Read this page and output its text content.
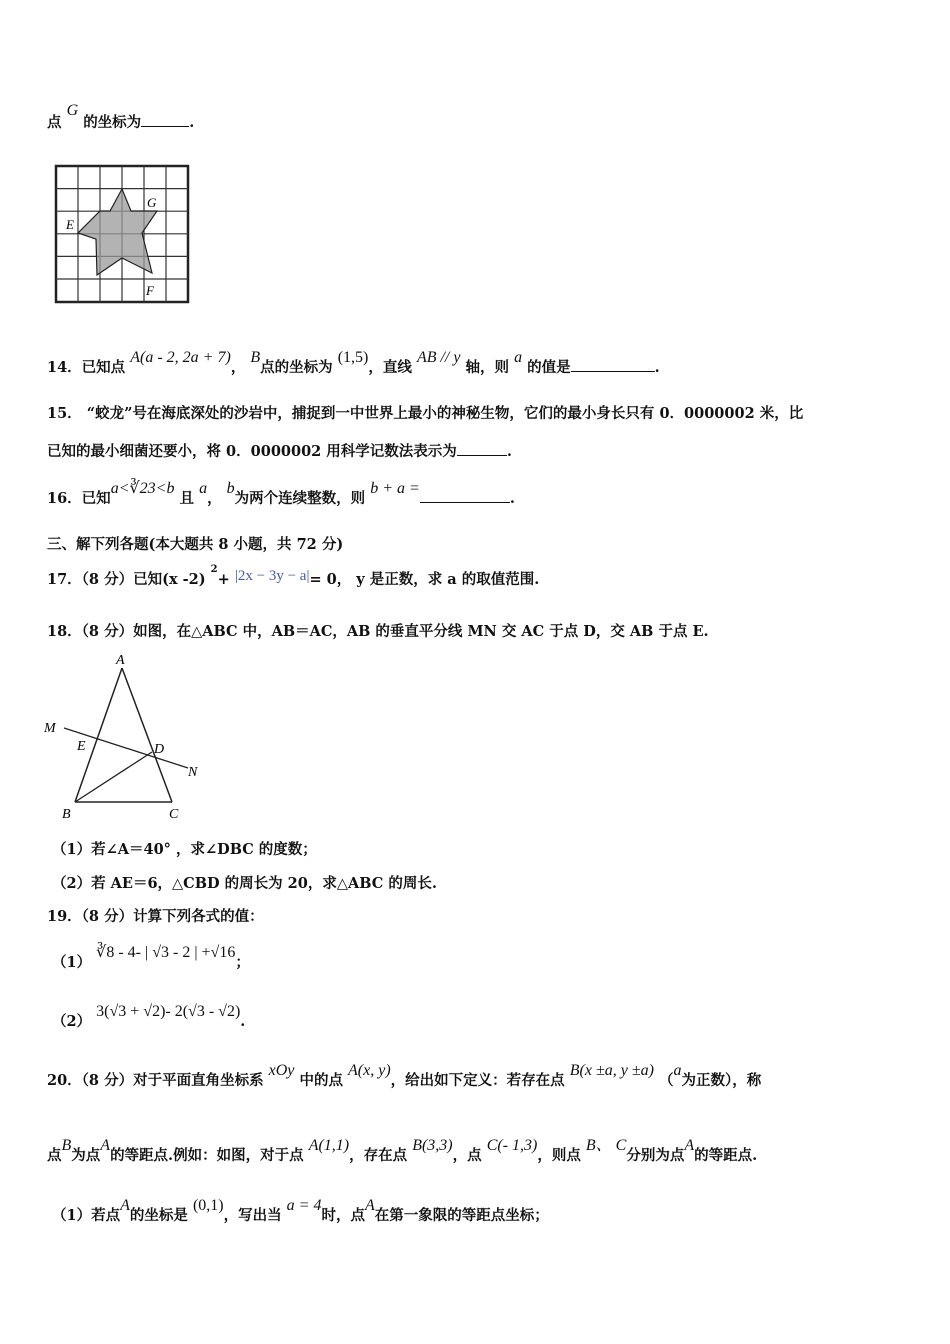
点 G 的坐标为	.
E
G
F
14．已知点 A(a - 2, 2a + 7)， B点的坐标为 (1,5)，直线 AB // y 轴，则 a 的值是	.
15． “蛟龙”号在海底深处的沙岩中，捕捉到一中世界上最小的神秘生物，它们的最小身长只有 0．0000002 米，比
已知的最小细菌还要小，将 0．0000002 用科学记数法表示为	.
16．已知a<∛23<b 且 a， b为两个连续整数，则 b + a =.
三、解下列各题(本大题共 8 小题，共 72 分)
17．（8 分）已知(x -2) $^2$+ |2x − 3y − a|= 0， y 是正数，求 a 的取值范围.
18．（8 分）如图，在△ABC 中，AB＝AC，AB 的垂直平分线 MN 交 AC 于点 D，交 AB 于点 E.
A
M
E	D
N
B	C
（1）若∠A＝40° ，求∠DBC 的度数；
（2）若 AE＝6，△CBD 的周长为 20，求△ABC 的周长.
19．（8 分）计算下列各式的值：
（1） ∛8 - 4- | √3 - 2 | +√16；
（2） 3(√3 + √2)- 2(√3 - √2).
20．（8 分）对于平面直角坐标系 xOy 中的点 A(x, y)，给出如下定义：若存在点 B(x ±a, y ±a) （a为正数），称
点B为点A的等距点.例如：如图，对于点 A(1,1)，存在点 B(3,3)，点 C(- 1,3)，则点 B、 C分别为点A的等距点.
（1）若点A的坐标是 (0,1)，写出当 a = 4时，点A在第一象限的等距点坐标；
